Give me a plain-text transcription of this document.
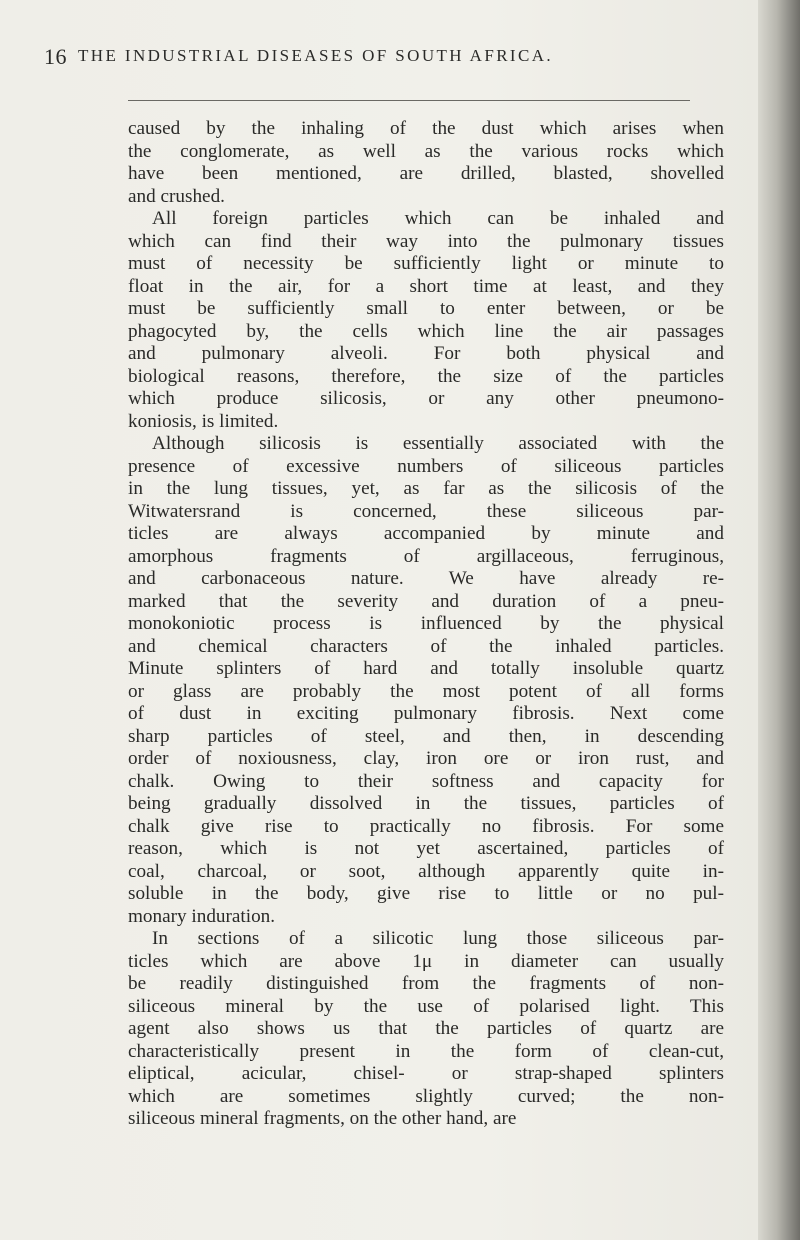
16 THE INDUSTRIAL DISEASES OF SOUTH AFRICA.
caused by the inhaling of the dust which arises when
the conglomerate, as well as the various rocks which
have been mentioned, are drilled, blasted, shovelled
and crushed.
All foreign particles which can be inhaled and
which can find their way into the pulmonary tissues
must of necessity be sufficiently light or minute to
float in the air, for a short time at least, and they
must be sufficiently small to enter between, or be
phagocyted by, the cells which line the air passages
and pulmonary alveoli. For both physical and
biological reasons, therefore, the size of the particles
which produce silicosis, or any other pneumono-
koniosis, is limited.
Although silicosis is essentially associated with the
presence of excessive numbers of siliceous particles
in the lung tissues, yet, as far as the silicosis of the
Witwatersrand is concerned, these siliceous par-
ticles are always accompanied by minute and
amorphous fragments of argillaceous, ferruginous,
and carbonaceous nature. We have already re-
marked that the severity and duration of a pneu-
monokoniotic process is influenced by the physical
and chemical characters of the inhaled particles.
Minute splinters of hard and totally insoluble quartz
or glass are probably the most potent of all forms
of dust in exciting pulmonary fibrosis. Next come
sharp particles of steel, and then, in descending
order of noxiousness, clay, iron ore or iron rust, and
chalk. Owing to their softness and capacity for
being gradually dissolved in the tissues, particles of
chalk give rise to practically no fibrosis. For some
reason, which is not yet ascertained, particles of
coal, charcoal, or soot, although apparently quite in-
soluble in the body, give rise to little or no pul-
monary induration.
In sections of a silicotic lung those siliceous par-
ticles which are above 1μ in diameter can usually
be readily distinguished from the fragments of non-
siliceous mineral by the use of polarised light. This
agent also shows us that the particles of quartz are
characteristically present in the form of clean-cut,
eliptical, acicular, chisel- or strap-shaped splinters
which are sometimes slightly curved; the non-
siliceous mineral fragments, on the other hand, are
